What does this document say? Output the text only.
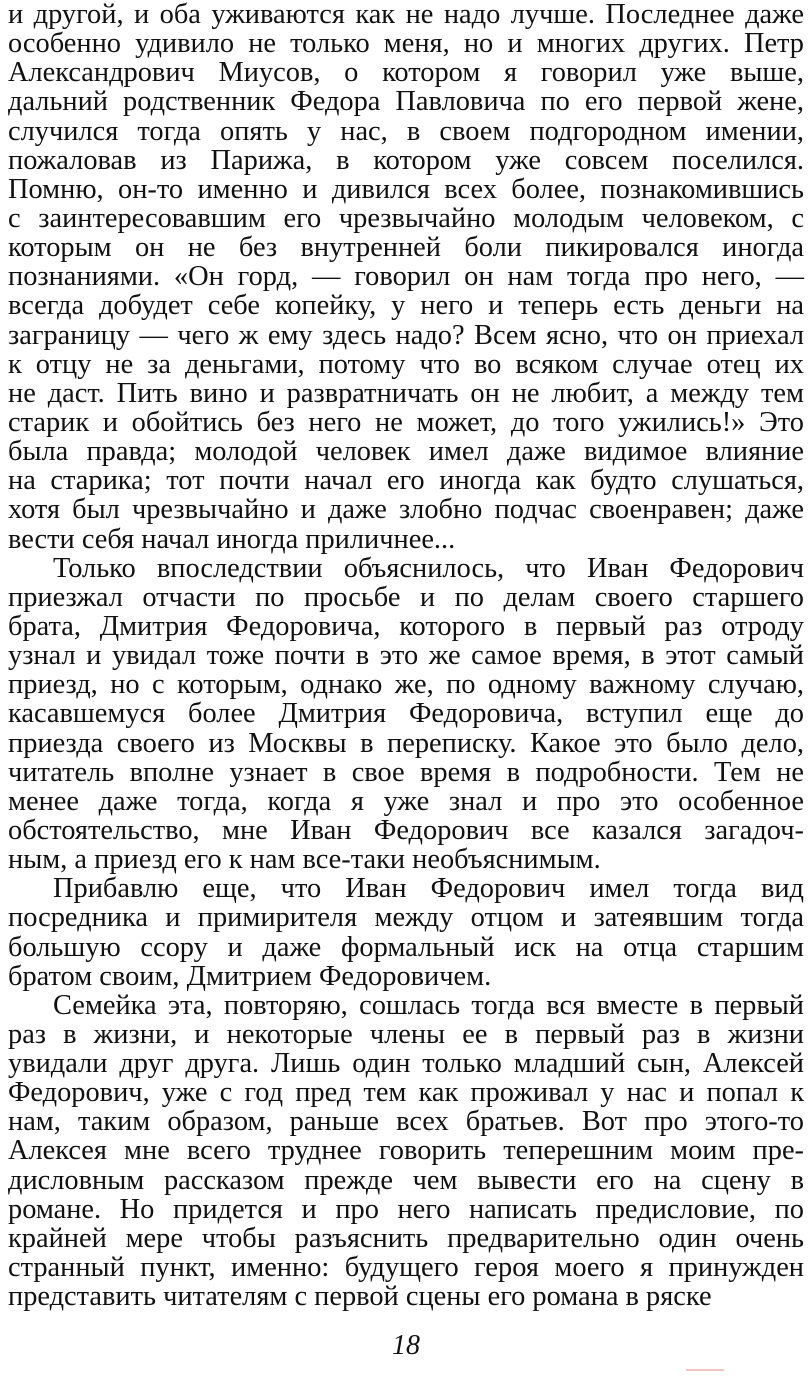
и другой, и оба уживаются как не надо лучше. Последнее даже
особенно удивило не только меня, но и многих других. Петр
Александрович Миусов, о котором я говорил уже выше,
дальний родственник Федора Павловича по его первой жене,
случился тогда опять у нас, в своем подгородном имении,
пожаловав из Парижа, в котором уже совсем поселился.
Помню, он-то именно и дивился всех более, познакомившись
с заинтересовавшим его чрезвычайно молодым человеком, с
которым он не без внутренней боли пикировался иногда
познаниями. «Он горд, — говорил он нам тогда про него, —
всегда добудет себе копейку, у него и теперь есть деньги на
заграницу — чего ж ему здесь надо? Всем ясно, что он приехал
к отцу не за деньгами, потому что во всяком случае отец их
не даст. Пить вино и развратничать он не любит, а между тем
старик и обойтись без него не может, до того ужились!» Это
была правда; молодой человек имел даже видимое влияние
на старика; тот почти начал его иногда как будто слушаться,
хотя был чрезвычайно и даже злобно подчас своенравен; даже
вести себя начал иногда приличнее...
Только впоследствии объяснилось, что Иван Федорович
приезжал отчасти по просьбе и по делам своего старшего
брата, Дмитрия Федоровича, которого в первый раз отроду
узнал и увидал тоже почти в это же самое время, в этот самый
приезд, но с которым, однако же, по одному важному случаю,
касавшемуся более Дмитрия Федоровича, вступил еще до
приезда своего из Москвы в переписку. Какое это было дело,
читатель вполне узнает в свое время в подробности. Тем не
менее даже тогда, когда я уже знал и про это особенное
обстоятельство, мне Иван Федорович все казался загадоч-
ным, а приезд его к нам все-таки необъяснимым.
Прибавлю еще, что Иван Федорович имел тогда вид
посредника и примирителя между отцом и затеявшим тогда
большую ссору и даже формальный иск на отца старшим
братом своим, Дмитрием Федоровичем.
Семейка эта, повторяю, сошлась тогда вся вместе в первый
раз в жизни, и некоторые члены ее в первый раз в жизни
увидали друг друга. Лишь один только младший сын, Алексей
Федорович, уже с год пред тем как проживал у нас и попал к
нам, таким образом, раньше всех братьев. Вот про этого-то
Алексея мне всего труднее говорить теперешним моим пре-
дисловным рассказом прежде чем вывести его на сцену в
романе. Но придется и про него написать предисловие, по
крайней мере чтобы разъяснить предварительно один очень
странный пункт, именно: будущего героя моего я принужден
представить читателям с первой сцены его романа в ряске
18
